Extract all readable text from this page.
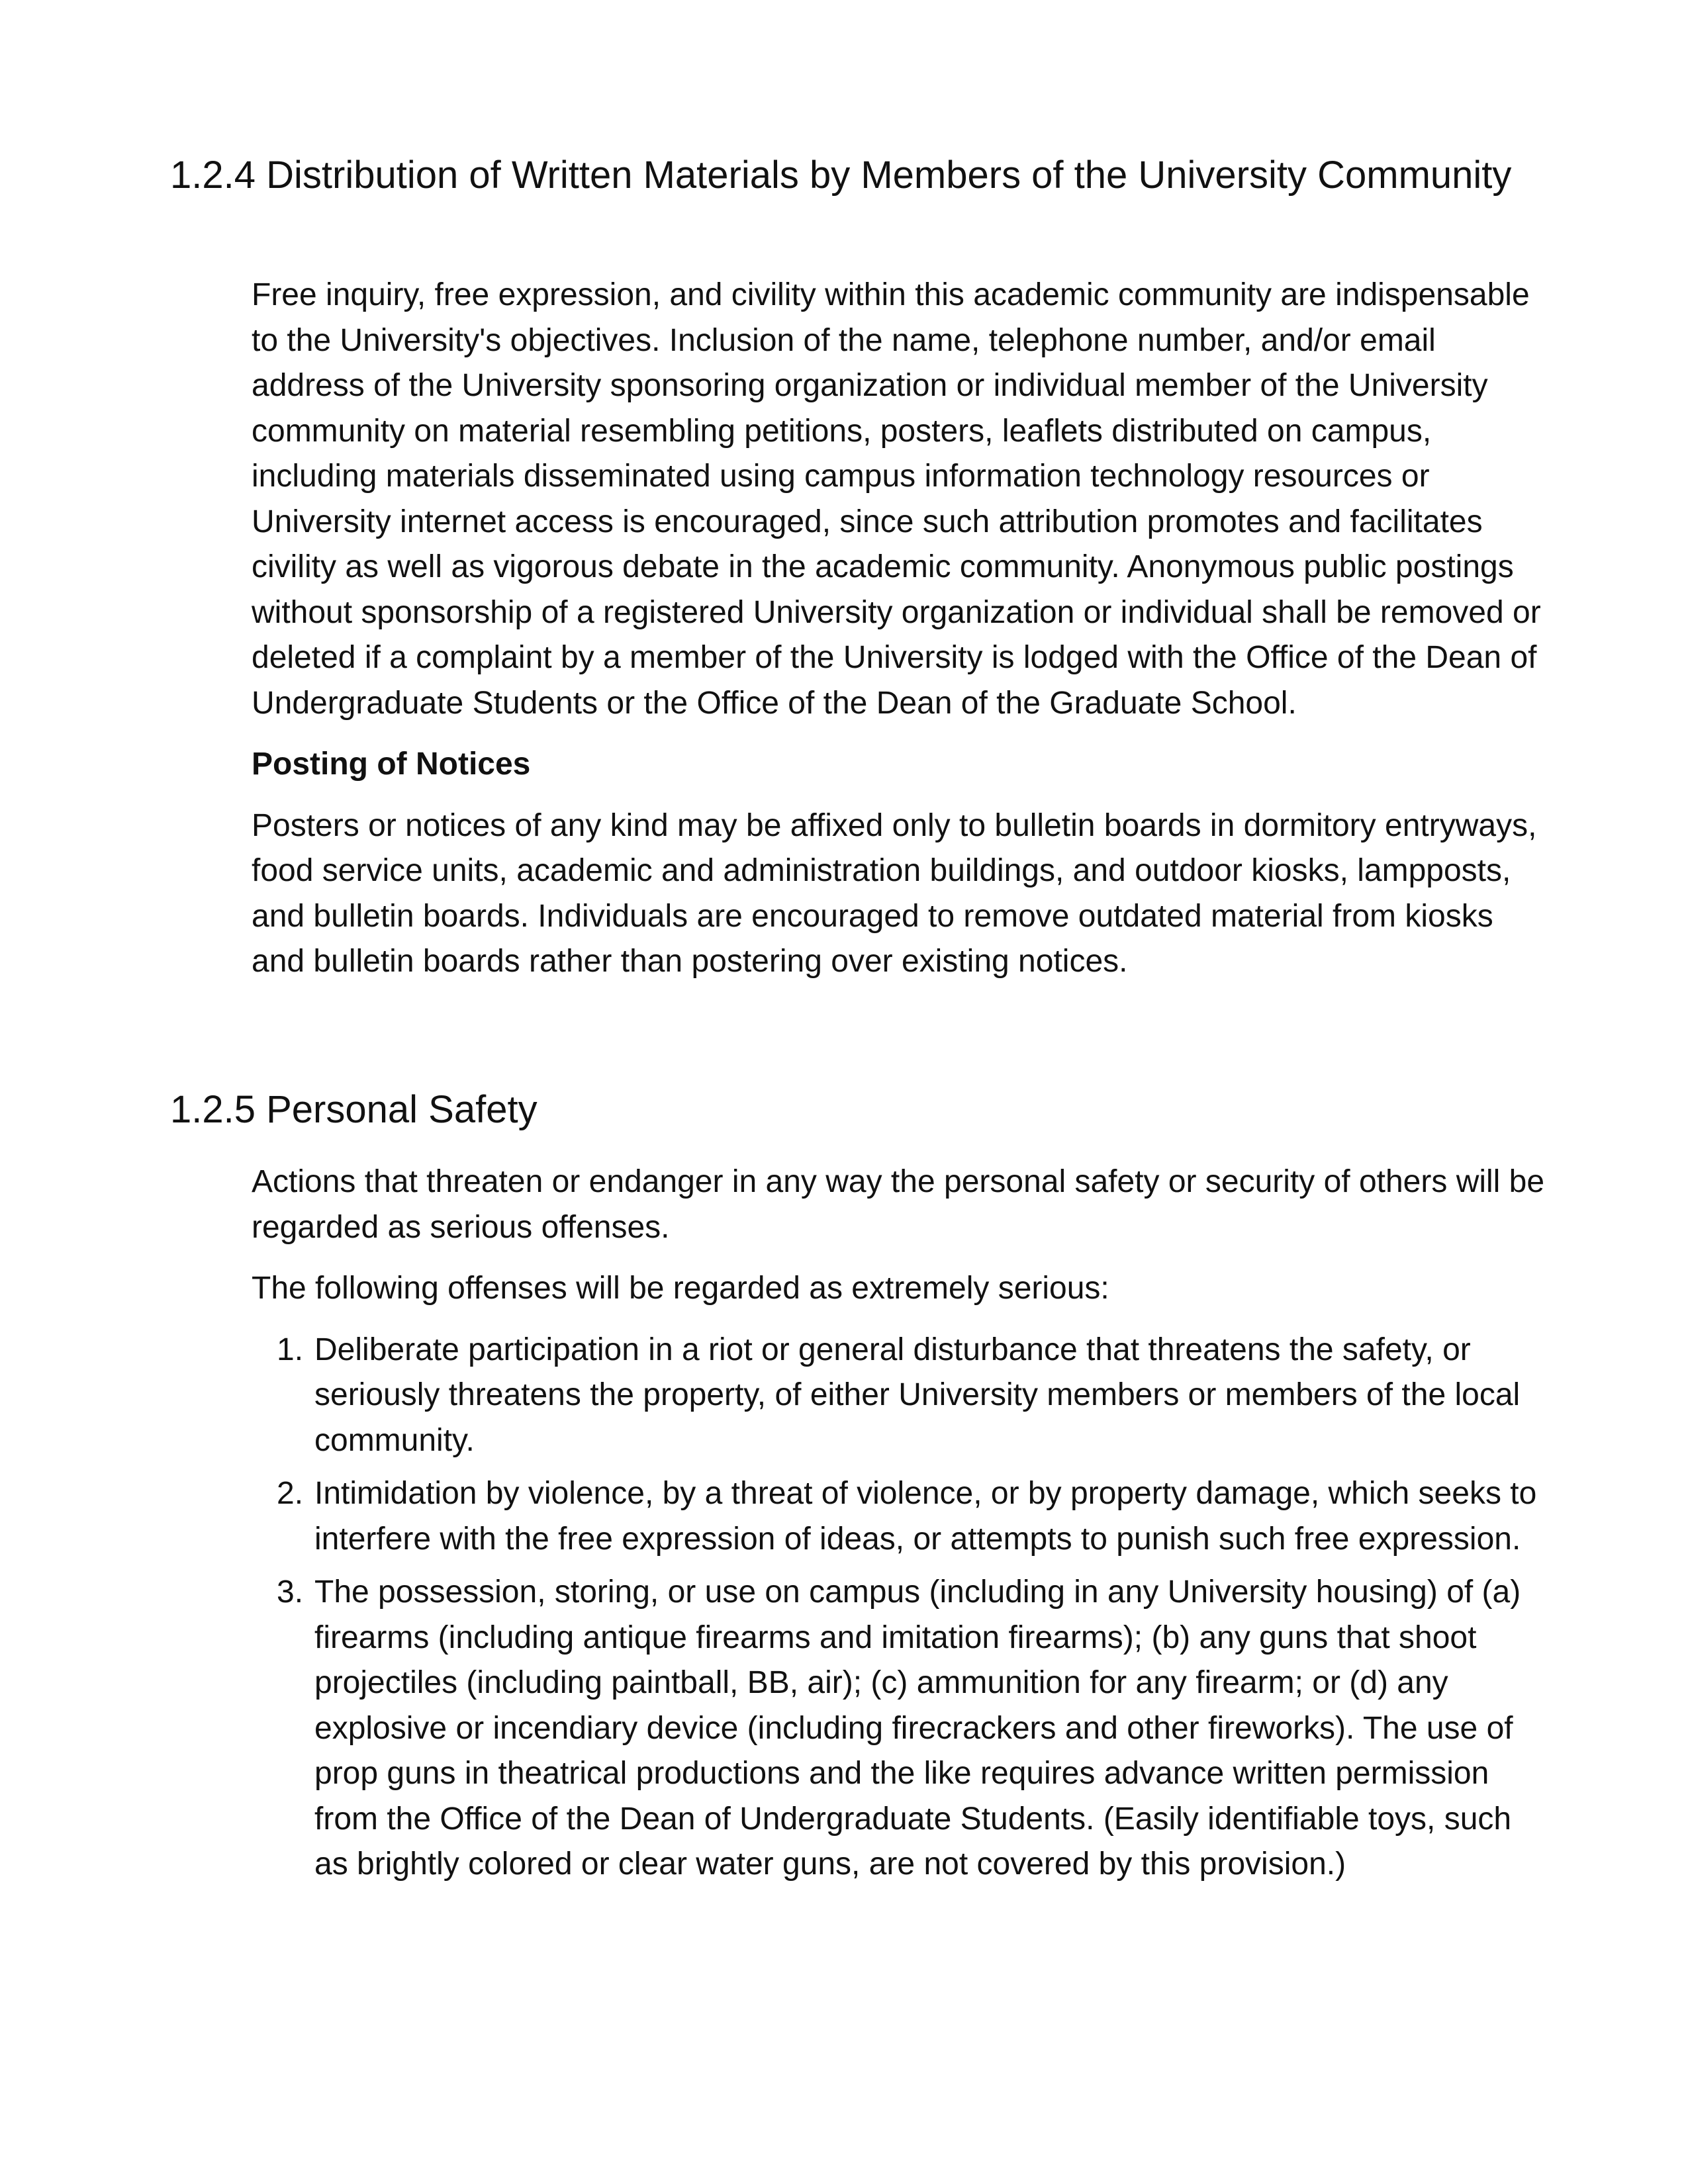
1.2.4 Distribution of Written Materials by Members of the University Community

Free inquiry, free expression, and civility within this academic community are indispensable to the University's objectives. Inclusion of the name, telephone number, and/or email address of the University sponsoring organization or individual member of the University community on material resembling petitions, posters, leaflets distributed on campus, including materials disseminated using campus information technology resources or University internet access is encouraged, since such attribution promotes and facilitates civility as well as vigorous debate in the academic community. Anonymous public postings without sponsorship of a registered University organization or individual shall be removed or deleted if a complaint by a member of the University is lodged with the Office of the Dean of Undergraduate Students or the Office of the Dean of the Graduate School.

Posting of Notices

Posters or notices of any kind may be affixed only to bulletin boards in dormitory entryways, food service units, academic and administration buildings, and outdoor kiosks, lampposts, and bulletin boards. Individuals are encouraged to remove outdated material from kiosks and bulletin boards rather than postering over existing notices.

1.2.5 Personal Safety

Actions that threaten or endanger in any way the personal safety or security of others will be regarded as serious offenses.

The following offenses will be regarded as extremely serious:

1. Deliberate participation in a riot or general disturbance that threatens the safety, or seriously threatens the property, of either University members or members of the local community.
2. Intimidation by violence, by a threat of violence, or by property damage, which seeks to interfere with the free expression of ideas, or attempts to punish such free expression.
3. The possession, storing, or use on campus (including in any University housing) of (a) firearms (including antique firearms and imitation firearms); (b) any guns that shoot projectiles (including paintball, BB, air); (c) ammunition for any firearm; or (d) any explosive or incendiary device (including firecrackers and other fireworks). The use of prop guns in theatrical productions and the like requires advance written permission from the Office of the Dean of Undergraduate Students. (Easily identifiable toys, such as brightly colored or clear water guns, are not covered by this provision.)
